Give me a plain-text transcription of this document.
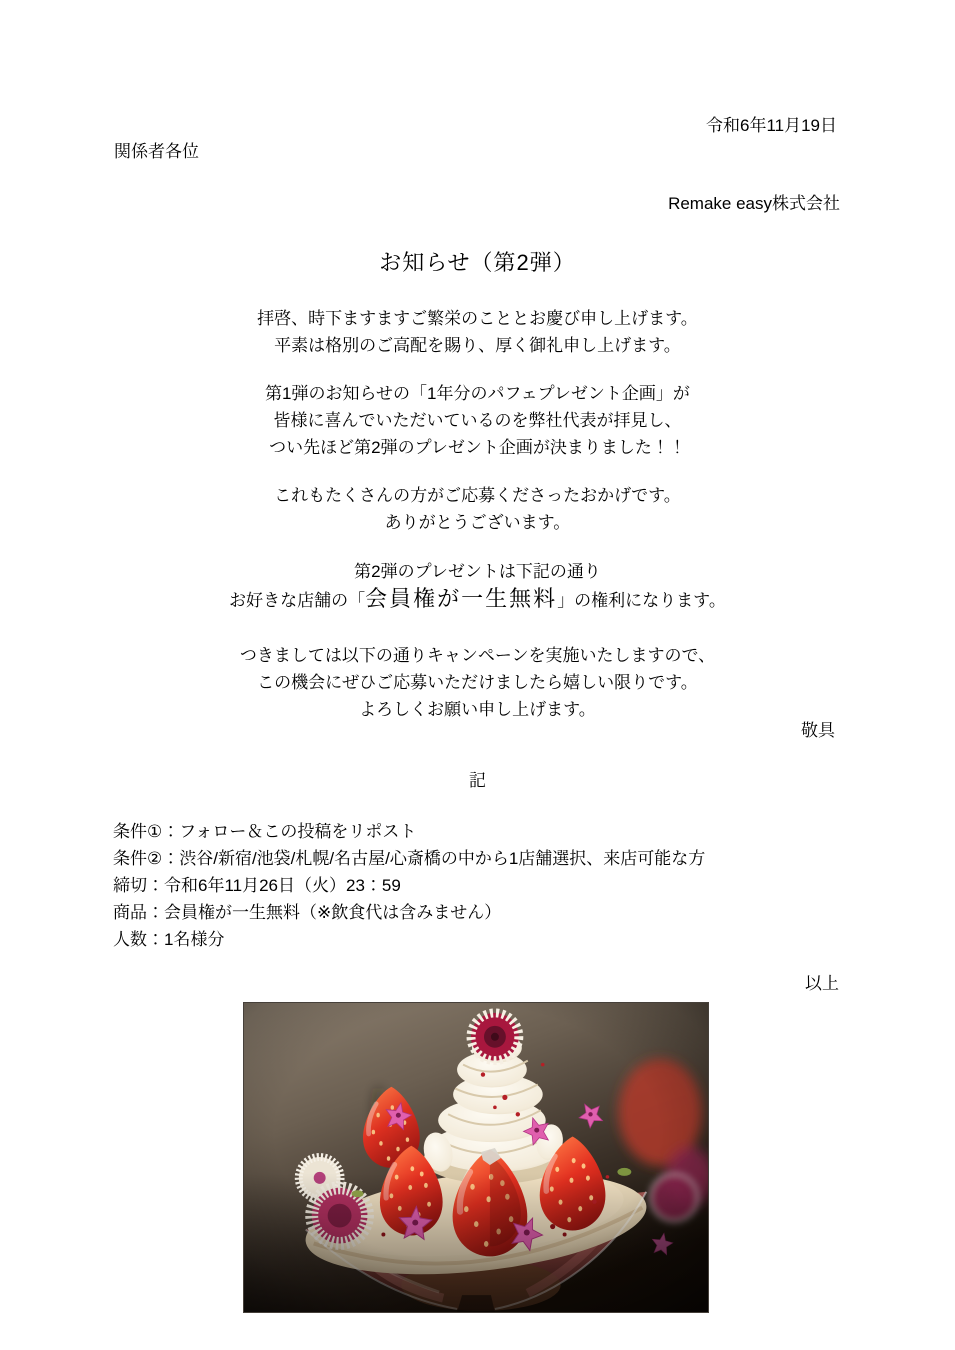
令和6年11月19日
関係者各位
Remake easy株式会社
お知らせ（第2弾）
拝啓、時下ますますご繁栄のこととお慶び申し上げます。
平素は格別のご高配を賜り、厚く御礼申し上げます。
第1弾のお知らせの「1年分のパフェプレゼント企画」が
皆様に喜んでいただいているのを弊社代表が拝見し、
つい先ほど第2弾のプレゼント企画が決まりました！！
これもたくさんの方がご応募くださったおかげです。
ありがとうございます。
第2弾のプレゼントは下記の通り
お好きな店舗の「会員権が一生無料」の権利になります。
つきましては以下の通りキャンペーンを実施いたしますので、
この機会にぜひご応募いただけましたら嬉しい限りです。
よろしくお願い申し上げます。
敬具
記
条件①：フォロー＆この投稿をリポスト
条件②：渋谷/新宿/池袋/札幌/名古屋/心斎橋の中から1店舗選択、来店可能な方
締切：令和6年11月26日（火）23：59
商品：会員権が一生無料（※飲食代は含みません）
人数：1名様分
以上
